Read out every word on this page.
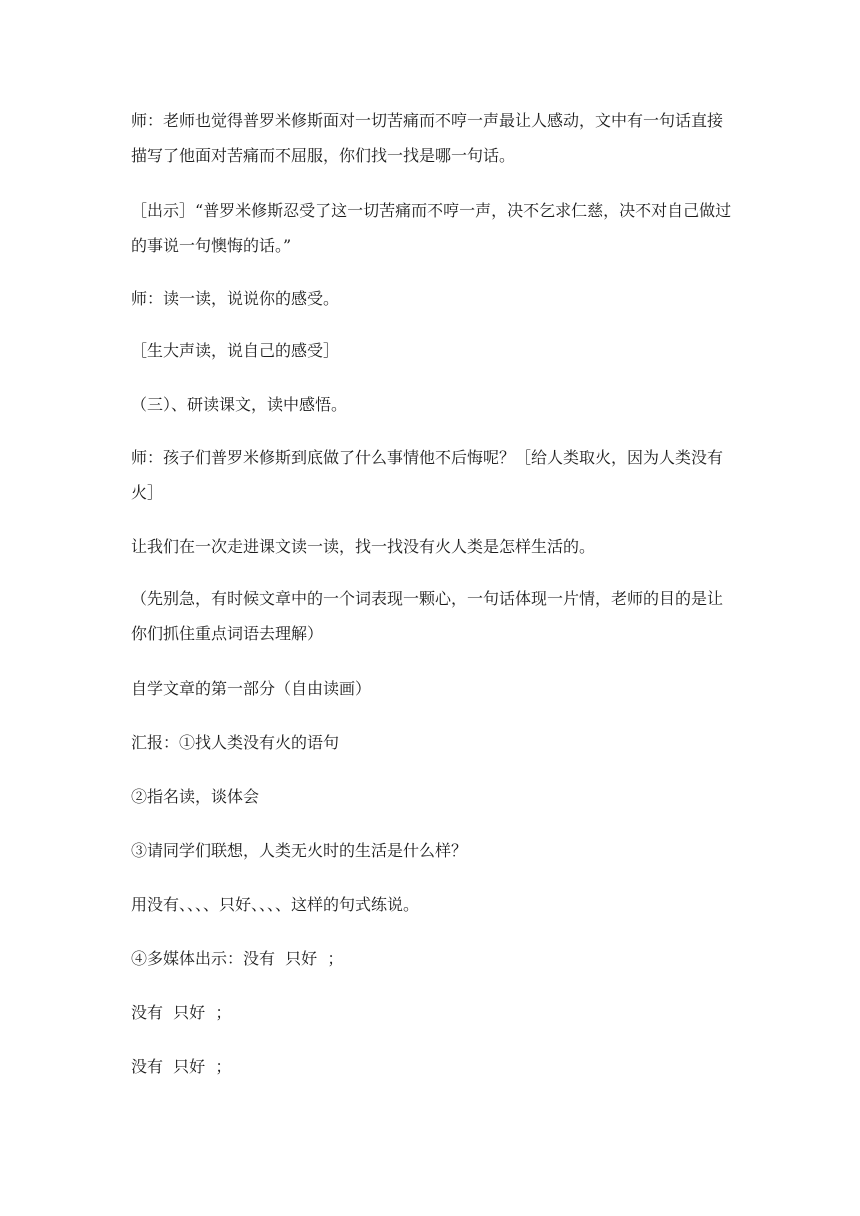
师：老师也觉得普罗米修斯面对一切苦痛而不哼一声最让人感动，文中有一句话直接描写了他面对苦痛而不屈服，你们找一找是哪一句话。

［出示］“普罗米修斯忍受了这一切苦痛而不哼一声，决不乞求仁慈，决不对自己做过的事说一句懊悔的话。”

师：读一读，说说你的感受。

［生大声读，说自己的感受］

（三）、研读课文，读中感悟。

师：孩子们普罗米修斯到底做了什么事情他不后悔呢？［给人类取火，因为人类没有火］

让我们在一次走进课文读一读，找一找没有火人类是怎样生活的。

（先别急，有时候文章中的一个词表现一颗心，一句话体现一片情，老师的目的是让你们抓住重点词语去理解）

自学文章的第一部分（自由读画）

汇报：①找人类没有火的语句

②指名读，谈体会

③请同学们联想，人类无火时的生活是什么样？

用没有、、、、只好、、、、这样的句式练说。

④多媒体出示：没有  只好  ；

没有  只好  ；

没有  只好  ；
